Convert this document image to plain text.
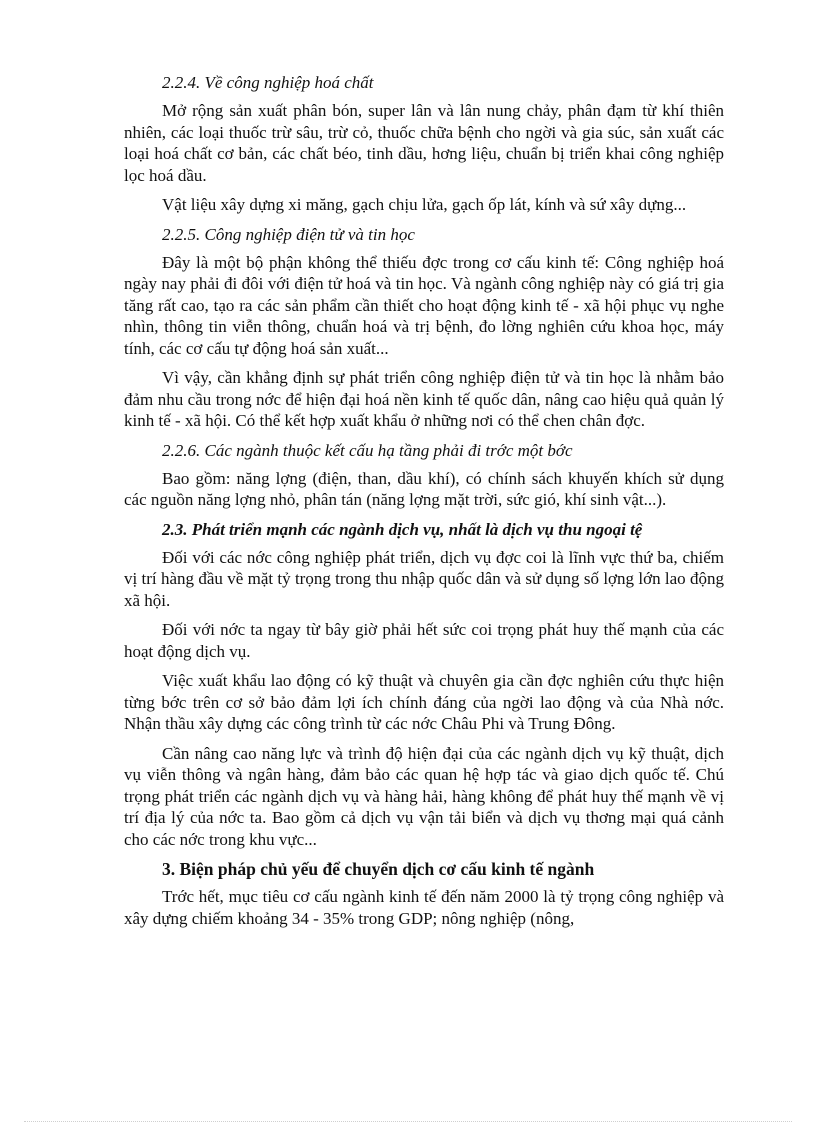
2.2.4. Về công nghiệp hoá chất

Mở rộng sản xuất phân bón, super lân và lân nung chảy, phân đạm từ khí thiên nhiên, các loại thuốc trừ sâu, trừ cỏ, thuốc chữa bệnh cho ngời và gia súc, sản xuất các loại hoá chất cơ bản, các chất béo, tinh dầu, hơng liệu, chuẩn bị triển khai công nghiệp lọc hoá dầu.

Vật liệu xây dựng xi măng, gạch chịu lửa, gạch ốp lát, kính và sứ xây dựng...

2.2.5. Công nghiệp điện tử và tin học

Đây là một bộ phận không thể thiếu đợc trong cơ cấu kinh tế: Công nghiệp hoá ngày nay phải đi đôi với điện tử hoá và tin học. Và ngành công nghiệp này có giá trị gia tăng rất cao, tạo ra các sản phẩm cần thiết cho hoạt động kinh tế - xã hội phục vụ nghe nhìn, thông tin viễn thông, chuẩn hoá và trị bệnh, đo lờng nghiên cứu khoa học, máy tính, các cơ cấu tự động hoá sản xuất...

Vì vậy, cần khẳng định sự phát triển công nghiệp điện tử và tin học là nhằm bảo đảm nhu cầu trong nớc để hiện đại hoá nền kinh tế quốc dân, nâng cao hiệu quả quản lý kinh tế - xã hội. Có thể kết hợp xuất khẩu ở những nơi có thể chen chân đợc.

2.2.6. Các ngành thuộc kết cấu hạ tầng phải đi trớc một bớc

Bao gồm: năng lợng (điện, than, dầu khí), có chính sách khuyến khích sử dụng các nguồn năng lợng nhỏ, phân tán (năng lợng mặt trời, sức gió, khí sinh vật...).

2.3. Phát triển mạnh các ngành dịch vụ, nhất là dịch vụ thu ngoại tệ

Đối với các nớc công nghiệp phát triển, dịch vụ đợc coi là lĩnh vực thứ ba, chiếm vị trí hàng đầu về mặt tỷ trọng trong thu nhập quốc dân và sử dụng số lợng lớn lao động xã hội.

Đối với nớc ta ngay từ bây giờ phải hết sức coi trọng phát huy thế mạnh của các hoạt động dịch vụ.

Việc xuất khẩu lao động có kỹ thuật và chuyên gia cần đợc nghiên cứu thực hiện từng bớc trên cơ sở bảo đảm lợi ích chính đáng của ngời lao động và của Nhà nớc. Nhận thầu xây dựng các công trình từ các nớc Châu Phi và Trung Đông.

Cần nâng cao năng lực và trình độ hiện đại của các ngành dịch vụ kỹ thuật, dịch vụ viễn thông và ngân hàng, đảm bảo các quan hệ hợp tác và giao dịch quốc tế. Chú trọng phát triển các ngành dịch vụ và hàng hải, hàng không để phát huy thế mạnh về vị trí địa lý của nớc ta. Bao gồm cả dịch vụ vận tải biển và dịch vụ thơng mại quá cảnh cho các nớc trong khu vực...

3. Biện pháp chủ yếu để chuyển dịch cơ cấu kinh tế ngành

Trớc hết, mục tiêu cơ cấu ngành kinh tế đến năm 2000 là tỷ trọng công nghiệp và xây dựng chiếm khoảng 34 - 35% trong GDP; nông nghiệp (nông,
